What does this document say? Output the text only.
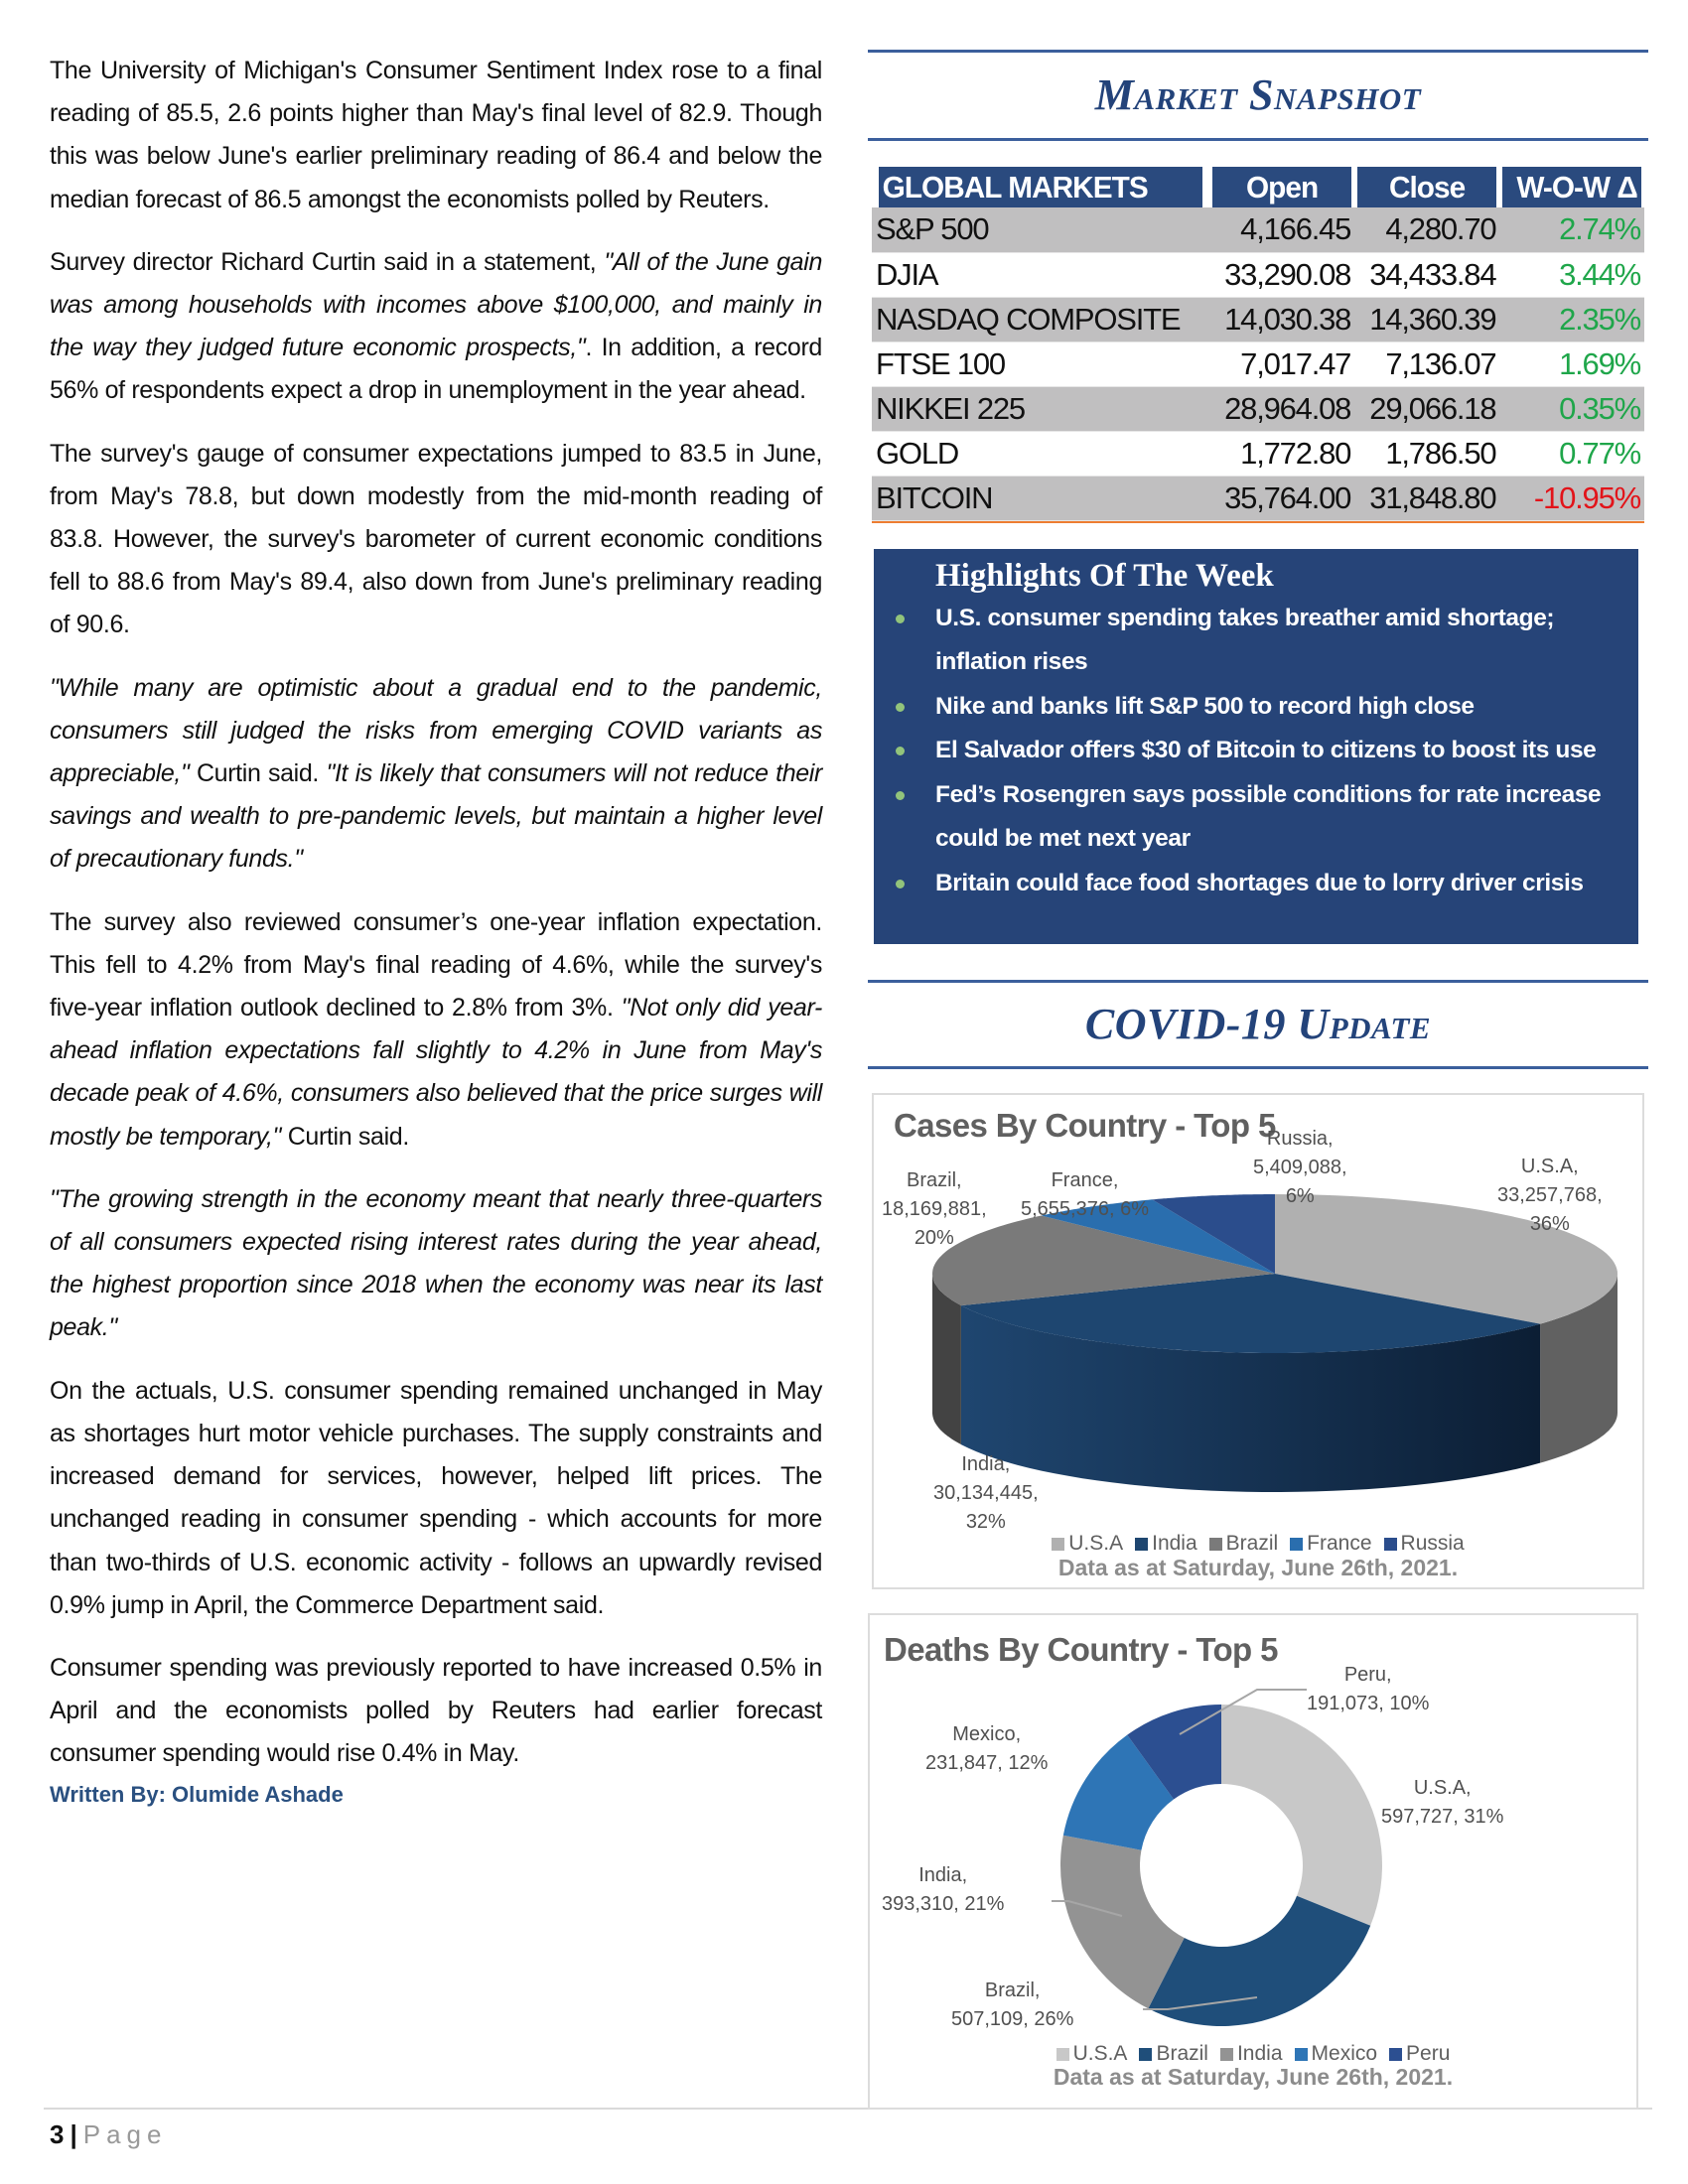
The University of Michigan's Consumer Sentiment Index rose to a final reading of 85.5, 2.6 points higher than May's final level of 82.9. Though this was below June's earlier preliminary reading of 86.4 and below the median forecast of 86.5 amongst the economists polled by Reuters.

Survey director Richard Curtin said in a statement, "All of the June gain was among households with incomes above $100,000, and mainly in the way they judged future economic prospects,". In addition, a record 56% of respondents expect a drop in unemployment in the year ahead.

The survey's gauge of consumer expectations jumped to 83.5 in June, from May's 78.8, but down modestly from the mid-month reading of 83.8. However, the survey's barometer of current economic conditions fell to 88.6 from May's 89.4, also down from June's preliminary reading of 90.6.

"While many are optimistic about a gradual end to the pandemic, consumers still judged the risks from emerging COVID variants as appreciable," Curtin said. "It is likely that consumers will not reduce their savings and wealth to pre-pandemic levels, but maintain a higher level of precautionary funds."

The survey also reviewed consumer’s one-year inflation expectation. This fell to 4.2% from May's final reading of 4.6%, while the survey's five-year inflation outlook declined to 2.8% from 3%. "Not only did year-ahead inflation expectations fall slightly to 4.2% in June from May's decade peak of 4.6%, consumers also believed that the price surges will mostly be temporary," Curtin said.

"The growing strength in the economy meant that nearly three-quarters of all consumers expected rising interest rates during the year ahead, the highest proportion since 2018 when the economy was near its last peak."

On the actuals, U.S. consumer spending remained unchanged in May as shortages hurt motor vehicle purchases. The supply constraints and increased demand for services, however, helped lift prices. The unchanged reading in consumer spending - which accounts for more than two-thirds of U.S. economic activity - follows an upwardly revised 0.9% jump in April, the Commerce Department said.

Consumer spending was previously reported to have increased 0.5% in April and the economists polled by Reuters had earlier forecast consumer spending would rise 0.4% in May.

Written By: Olumide Ashade
3 | Page
Market Snapshot
GLOBAL MARKETS	Open	Close	W-O-W Δ
S&P 500	4,166.45	4,280.70	2.74%
DJIA	33,290.08	34,433.84	3.44%
NASDAQ COMPOSITE	14,030.38	14,360.39	2.35%
FTSE 100	7,017.47	7,136.07	1.69%
NIKKEI 225	28,964.08	29,066.18	0.35%
GOLD	1,772.80	1,786.50	0.77%
BITCOIN	35,764.00	31,848.80	-10.95%
Highlights Of The Week
U.S. consumer spending takes breather amid shortage; inflation rises
Nike and banks lift S&P 500 to record high close
El Salvador offers $30 of Bitcoin to citizens to boost its use
Fed’s Rosengren says possible conditions for rate increase could be met next year
Britain could face food shortages due to lorry driver crisis
COVID-19 Update
Cases By Country - Top 5
U.S.A,
33,257,768,
36%
India,
30,134,445,
32%
Brazil,
18,169,881,
20%
France,
5,655,376, 6%
Russia,
5,409,088,
6%
U.S.A India Brazil France Russia
Data as at Saturday, June 26th, 2021.
Deaths By Country - Top 5
U.S.A,
597,727, 31%
Brazil,
507,109, 26%
India,
393,310, 21%
Mexico,
231,847, 12%
Peru,
191,073, 10%
U.S.A Brazil India Mexico Peru
Data as at Saturday, June 26th, 2021.
